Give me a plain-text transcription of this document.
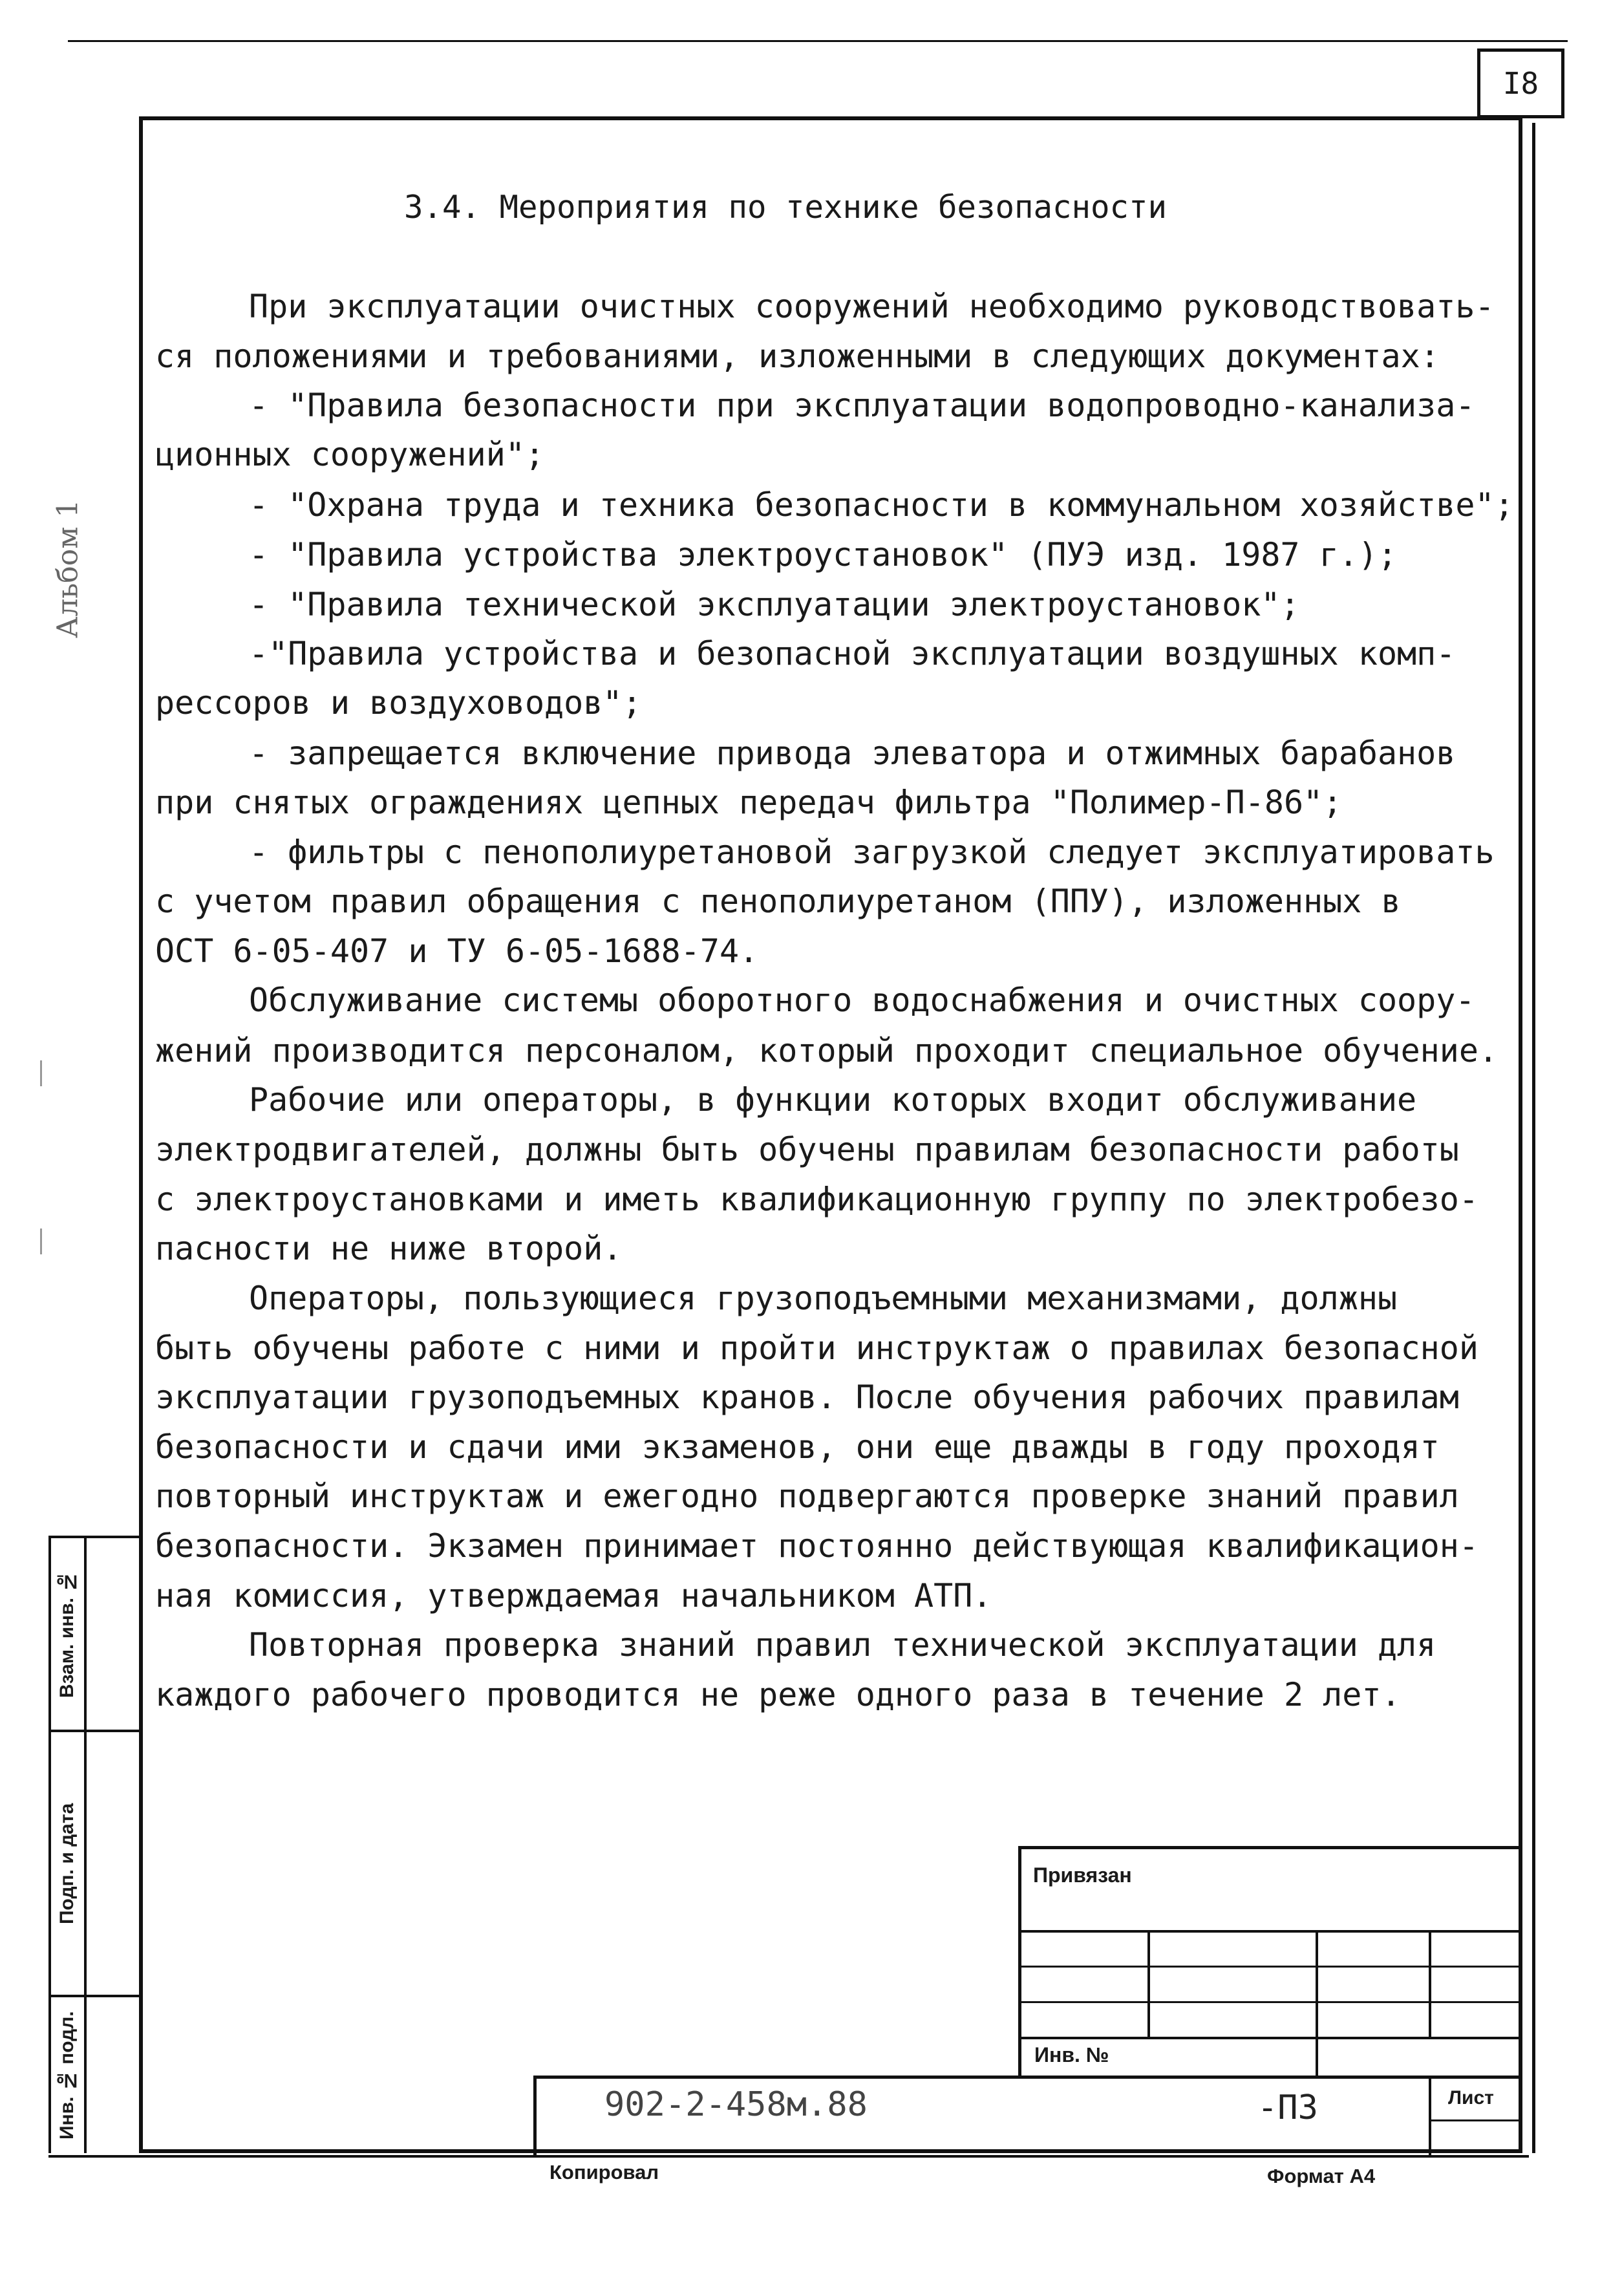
I8
Альбом 1
3.4. Мероприятия по технике безопасности
При эксплуатации очистных сооружений необходимо руководствовать-
ся положениями и требованиями, изложенными в следующих документах:
- "Правила безопасности при эксплуатации водопроводно-канализа-
ционных сооружений";
- "Охрана труда и техника безопасности в коммунальном хозяйстве";
- "Правила устройства электроустановок" (ПУЭ изд. 1987 г.);
- "Правила технической эксплуатации электроустановок";
-"Правила устройства и безопасной эксплуатации воздушных комп-
рессоров и воздуховодов";
- запрещается включение привода элеватора и отжимных барабанов
при снятых ограждениях цепных передач фильтра "Полимер-П-86";
- фильтры с пенополиуретановой загрузкой следует эксплуатировать
с учетом правил обращения с пенополиуретаном (ППУ), изложенных в
ОСТ 6-05-407 и ТУ 6-05-1688-74.
Обслуживание системы оборотного водоснабжения и очистных соору-
жений производится персоналом, который проходит специальное обучение.
Рабочие или операторы, в функции которых входит обслуживание
электродвигателей, должны быть обучены правилам безопасности работы
с электроустановками и иметь квалификационную группу по электробезо-
пасности не ниже второй.
Операторы, пользующиеся грузоподъемными механизмами, должны
быть обучены работе с ними и пройти инструктаж о правилах безопасной
эксплуатации грузоподъемных кранов. После обучения рабочих правилам
безопасности и сдачи ими экзаменов, они еще дважды в году проходят
повторный инструктаж и ежегодно подвергаются проверке знаний правил
безопасности. Экзамен принимает постоянно действующая квалификацион-
ная комиссия, утверждаемая начальником АТП.
Повторная проверка знаний правил технической эксплуатации для
каждого рабочего проводится не реже одного раза в течение 2 лет.
Взам. инв. №
Подп. и дата
Инв. № подл.
Привязан
Инв. №
902-2-458м.88	-ПЗ	Лист
Копировал	Формат А4
